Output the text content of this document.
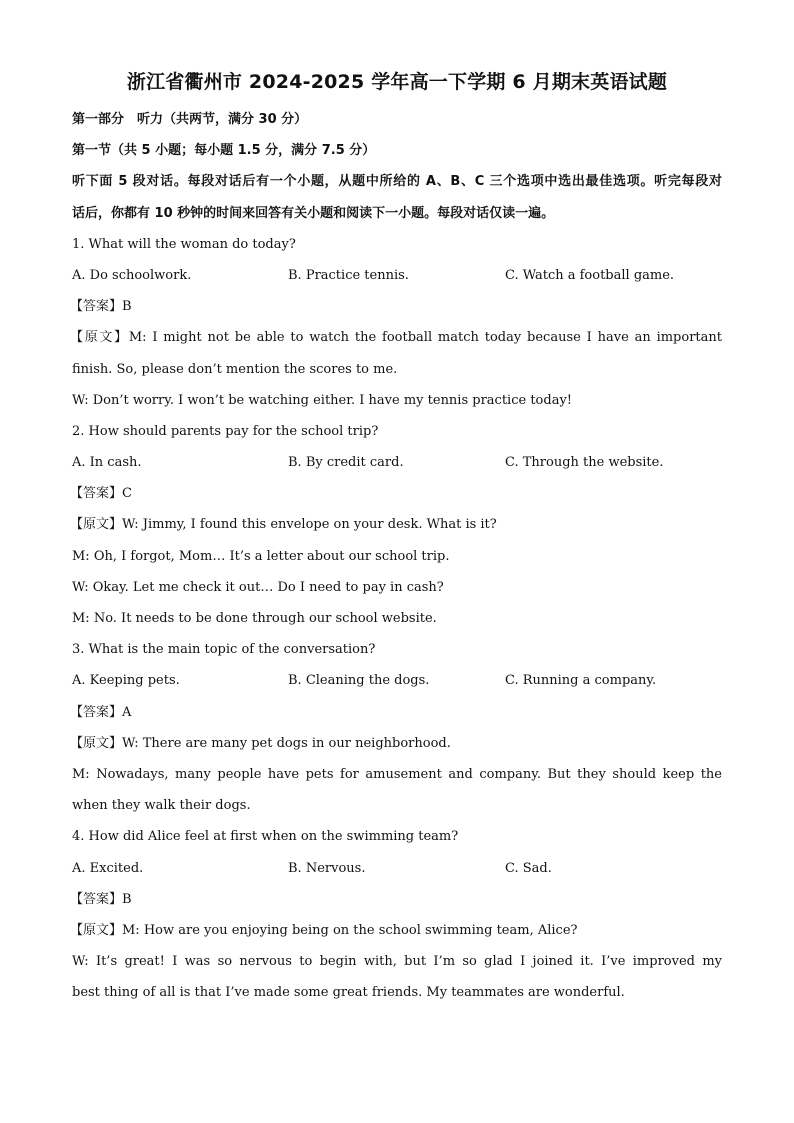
浙江省衢州市 2024-2025 学年高一下学期 6 月期末英语试题
第一部分　听力（共两节，满分 30 分）
第一节（共 5 小题；每小题 1.5 分，满分 7.5 分）
听下面 5 段对话。每段对话后有一个小题，从题中所给的 A、B、C 三个选项中选出最佳选项。听完每段对
话后，你都有 10 秒钟的时间来回答有关小题和阅读下一小题。每段对话仅读一遍。
1. What will the woman do today?
A. Do schoolwork.	B. Practice tennis.	C. Watch a football game.
【答案】B
【原文】M: I might not be able to watch the football match today because I have an important
finish. So, please don’t mention the scores to me.
W: Don’t worry. I won’t be watching either. I have my tennis practice today!
2. How should parents pay for the school trip?
A. In cash.	B. By credit card.	C. Through the website.
【答案】C
【原文】W: Jimmy, I found this envelope on your desk. What is it?
M: Oh, I forgot, Mom… It’s a letter about our school trip.
W: Okay. Let me check it out… Do I need to pay in cash?
M: No. It needs to be done through our school website.
3. What is the main topic of the conversation?
A. Keeping pets.	B. Cleaning the dogs.	C. Running a company.
【答案】A
【原文】W: There are many pet dogs in our neighborhood.
M: Nowadays, many people have pets for amusement and company. But they should keep the
when they walk their dogs.
4. How did Alice feel at first when on the swimming team?
A. Excited.	B. Nervous.	C. Sad.
【答案】B
【原文】M: How are you enjoying being on the school swimming team, Alice?
W: It’s great! I was so nervous to begin with, but I’m so glad I joined it. I’ve improved my
best thing of all is that I’ve made some great friends. My teammates are wonderful.
